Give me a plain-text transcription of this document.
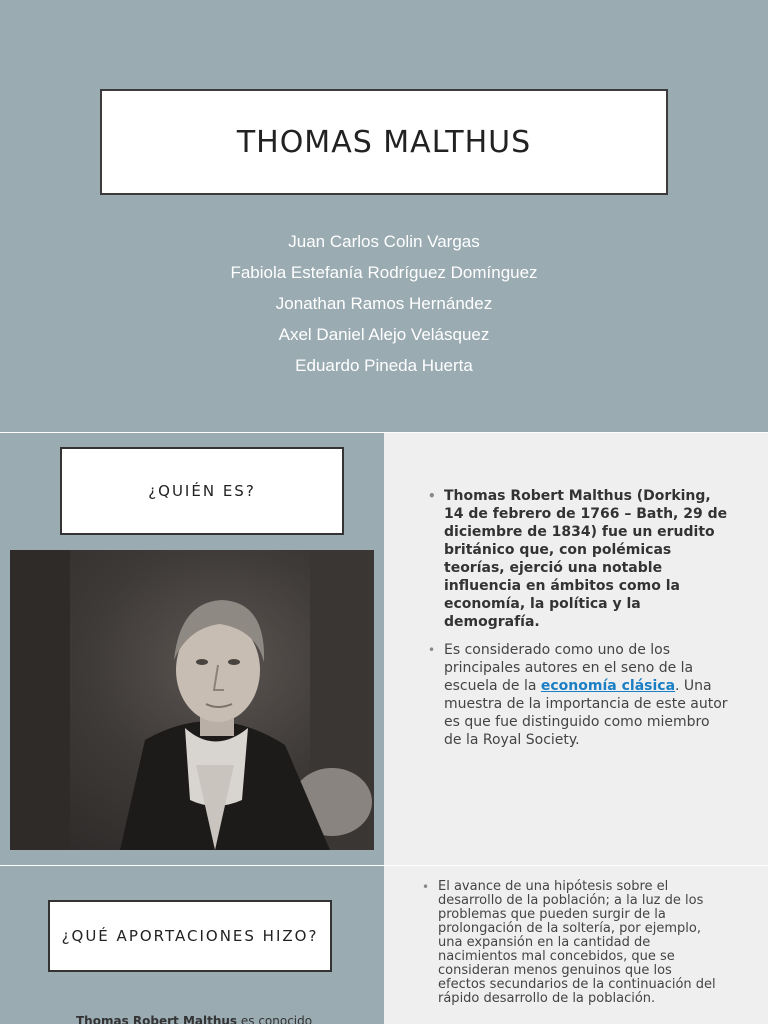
THOMAS MALTHUS
Juan Carlos Colin Vargas
Fabiola Estefanía Rodríguez Domínguez
Jonathan Ramos Hernández
Axel Daniel Alejo Velásquez
Eduardo Pineda Huerta
¿QUIÉN ES?
•	Thomas Robert Malthus (Dorking, 14 de febrero de 1766 – Bath, 29 de diciembre de 1834) fue un erudito británico que, con polémicas teorías, ejerció una notable influencia en ámbitos como la economía, la política y la demografía.
• Es considerado como uno de los principales autores en el seno de la escuela de la economía clásica. Una muestra de la importancia de este autor es que fue distinguido como miembro de la Royal Society.
¿QUÉ APORTACIONES HIZO?
Thomas Robert Malthus es conocido
• El avance de una hipótesis sobre el desarrollo de la población; a la luz de los problemas que pueden surgir de la prolongación de la soltería, por ejemplo, una expansión en la cantidad de nacimientos mal concebidos, que se consideran menos genuinos que los efectos secundarios de la continuación del rápido desarrollo de la población.
